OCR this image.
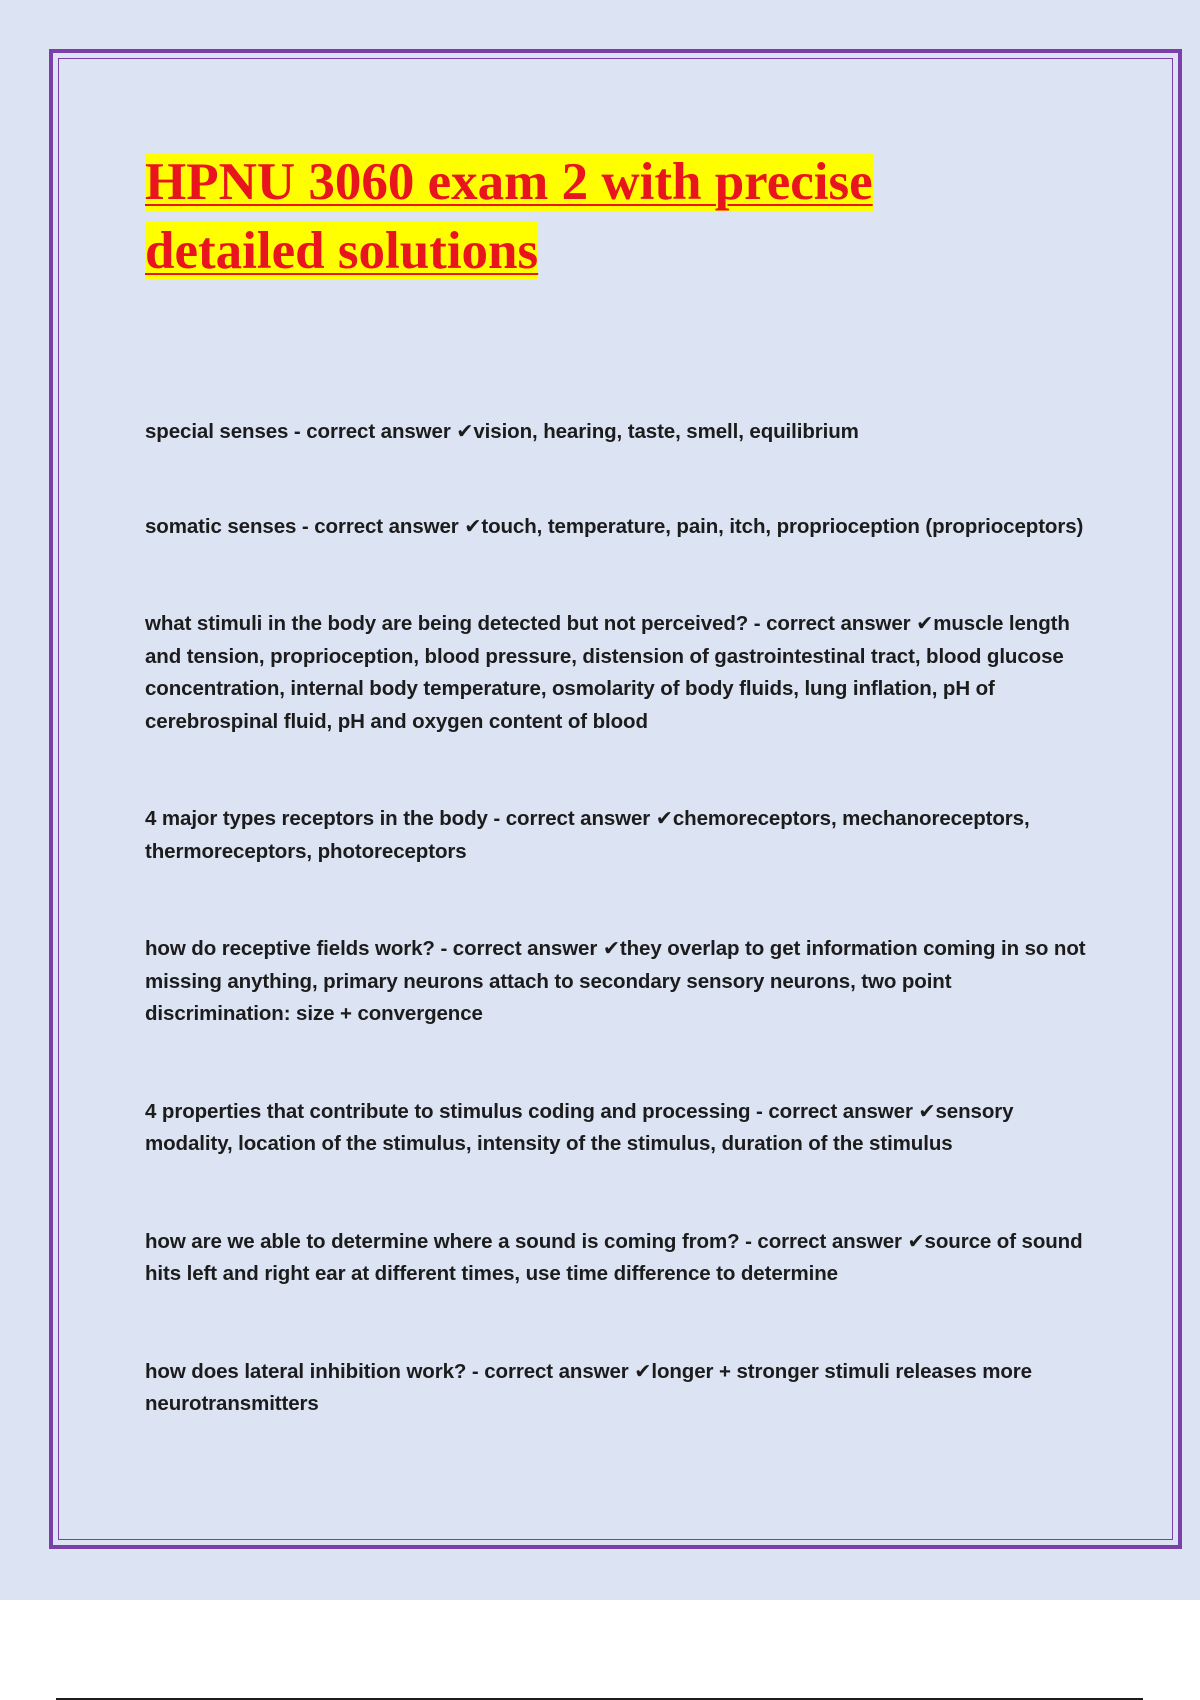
HPNU 3060 exam 2 with precise detailed solutions

special senses - correct answer ✔vision, hearing, taste, smell, equilibrium

somatic senses - correct answer ✔touch, temperature, pain, itch, proprioception (proprioceptors)

what stimuli in the body are being detected but not perceived? - correct answer ✔muscle length and tension, proprioception, blood pressure, distension of gastrointestinal tract, blood glucose concentration, internal body temperature, osmolarity of body fluids, lung inflation, pH of cerebrospinal fluid, pH and oxygen content of blood

4 major types receptors in the body - correct answer ✔chemoreceptors, mechanoreceptors, thermoreceptors, photoreceptors

how do receptive fields work? - correct answer ✔they overlap to get information coming in so not missing anything, primary neurons attach to secondary sensory neurons, two point discrimination: size + convergence

4 properties that contribute to stimulus coding and processing - correct answer ✔sensory modality, location of the stimulus, intensity of the stimulus, duration of the stimulus

how are we able to determine where a sound is coming from? - correct answer ✔source of sound hits left and right ear at different times, use time difference to determine

how does lateral inhibition work? - correct answer ✔longer + stronger stimuli releases more neurotransmitters
